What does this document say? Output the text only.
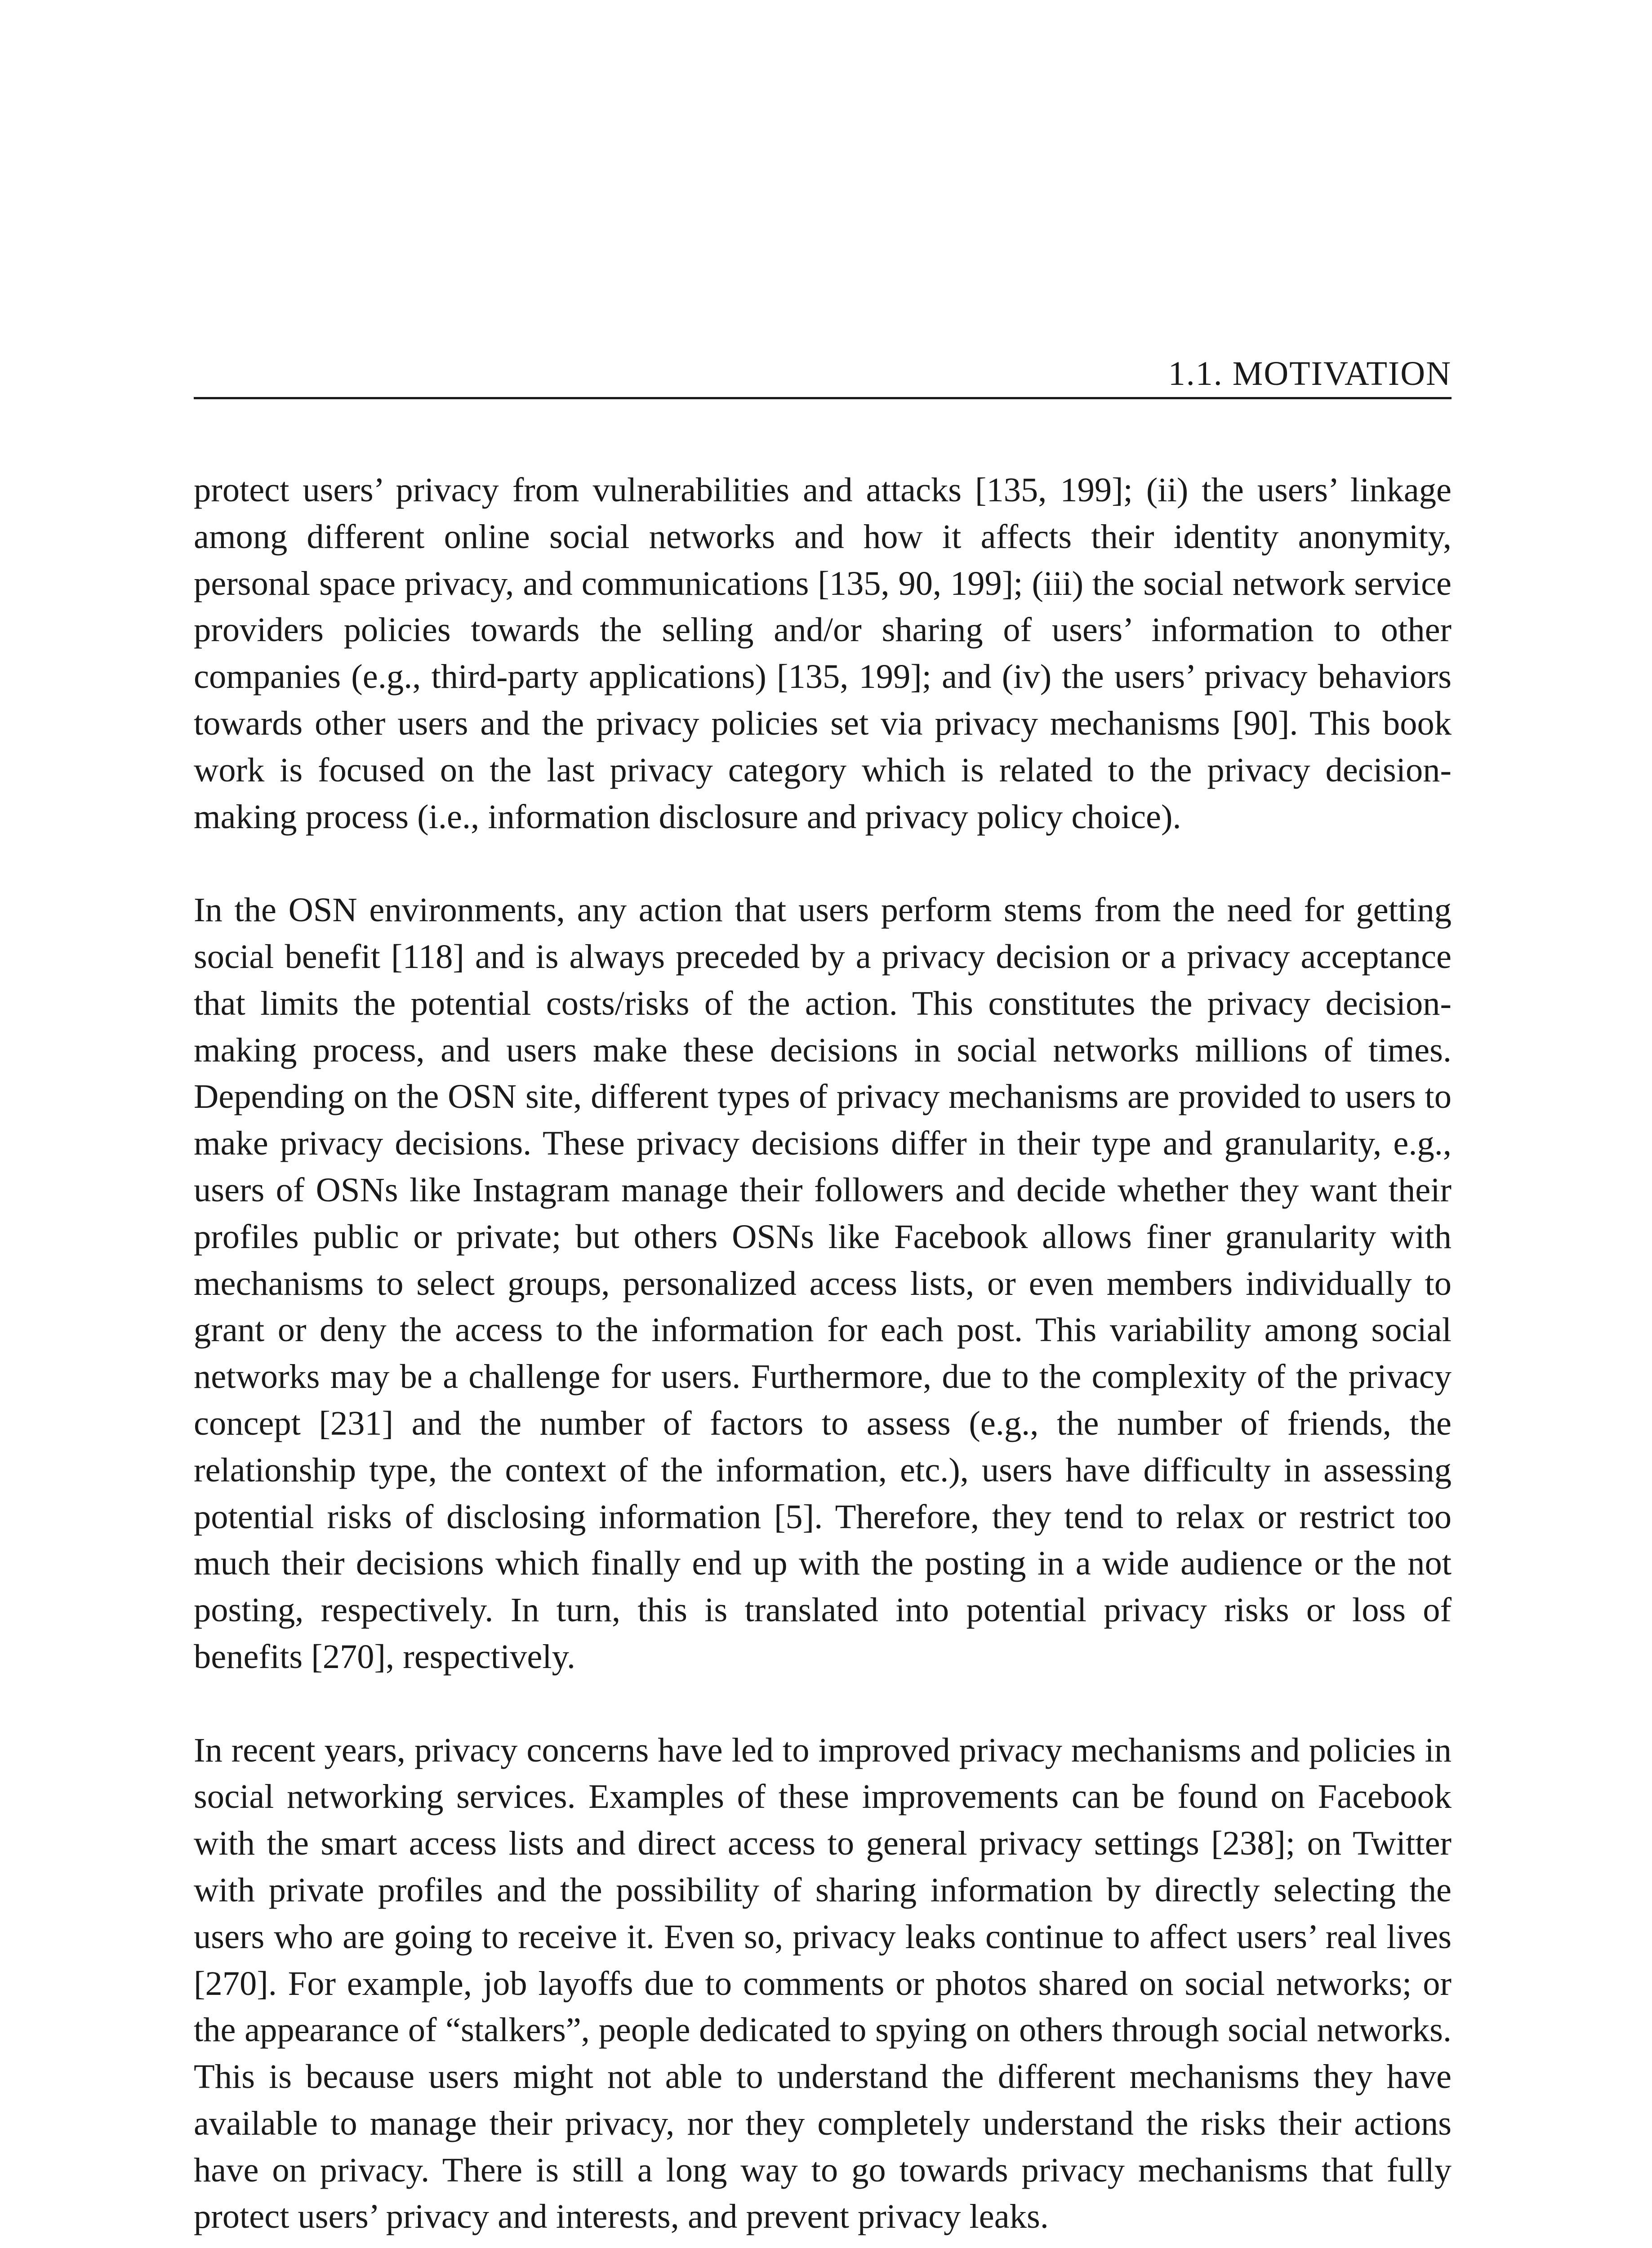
1.1. MOTIVATION

protect users’ privacy from vulnerabilities and attacks [135, 199]; (ii) the users’ linkage among different online social networks and how it affects their identity anonymity, personal space privacy, and communications [135, 90, 199]; (iii) the social network service providers policies towards the selling and/or sharing of users’ information to other companies (e.g., third-party applications) [135, 199]; and (iv) the users’ privacy behaviors towards other users and the privacy policies set via privacy mechanisms [90]. This book work is focused on the last privacy category which is related to the privacy decision-making process (i.e., information disclosure and privacy policy choice).

In the OSN environments, any action that users perform stems from the need for getting social benefit [118] and is always preceded by a privacy decision or a privacy acceptance that limits the potential costs/risks of the action. This constitutes the privacy decision-making process, and users make these decisions in social networks millions of times. Depending on the OSN site, different types of privacy mechanisms are provided to users to make privacy decisions. These privacy decisions differ in their type and granularity, e.g., users of OSNs like Instagram manage their followers and decide whether they want their profiles public or private; but others OSNs like Facebook allows finer granularity with mechanisms to select groups, personalized access lists, or even members individually to grant or deny the access to the information for each post. This variability among social networks may be a challenge for users. Furthermore, due to the complexity of the privacy concept [231] and the number of factors to assess (e.g., the number of friends, the relationship type, the context of the information, etc.), users have difficulty in assessing potential risks of disclosing information [5]. Therefore, they tend to relax or restrict too much their decisions which finally end up with the posting in a wide audience or the not posting, respectively. In turn, this is translated into potential privacy risks or loss of benefits [270], respectively.

In recent years, privacy concerns have led to improved privacy mechanisms and policies in social networking services. Examples of these improvements can be found on Facebook with the smart access lists and direct access to general privacy settings [238]; on Twitter with private profiles and the possibility of sharing information by directly selecting the users who are going to receive it. Even so, privacy leaks continue to affect users’ real lives [270]. For example, job layoffs due to comments or photos shared on social networks; or the appearance of “stalkers”, people dedicated to spying on others through social networks. This is because users might not able to understand the different mechanisms they have available to manage their privacy, nor they completely understand the risks their actions have on privacy. There is still a long way to go towards privacy mechanisms that fully protect users’ privacy and interests, and prevent privacy leaks.
